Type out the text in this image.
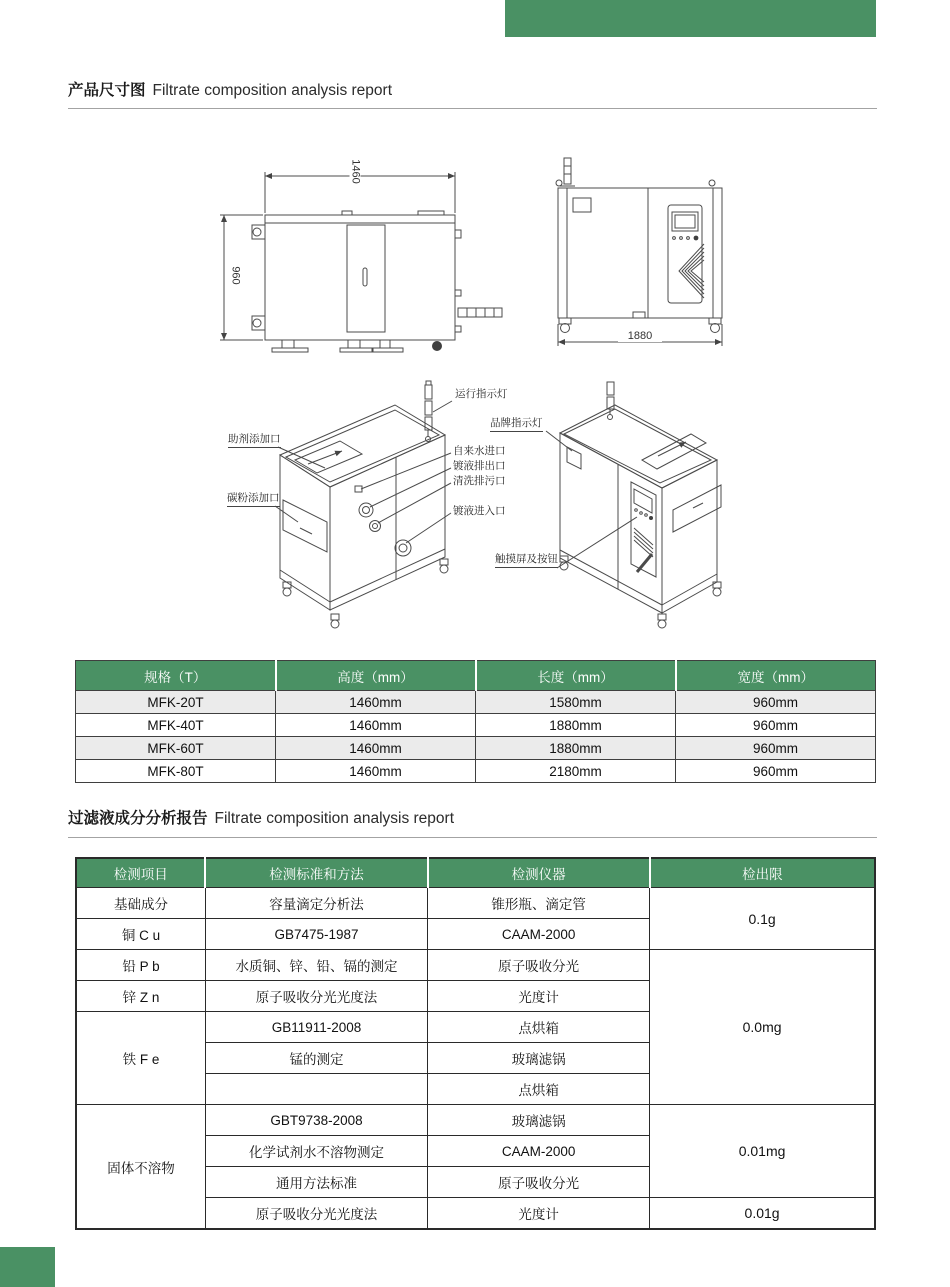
产品尺寸图 Filtrate composition analysis report
1460
960
1880
运行指示灯
品牌指示灯
助剂添加口
自来水进口
镀液排出口
清洗排污口
碳粉添加口
镀液进入口
触摸屏及按钮
规格（T）	高度（mm）	长度（mm）	宽度（mm）
MFK-20T	1460mm	1580mm	960mm
MFK-40T	1460mm	1880mm	960mm
MFK-60T	1460mm	1880mm	960mm
MFK-80T	1460mm	2180mm	960mm
过滤液成分分析报告 Filtrate composition analysis report
检测项目	检测标准和方法	检测仪器	检出限
基础成分	容量滴定分析法	锥形瓶、滴定管	0.1g
铜 C u	GB7475-1987	CAAM-2000	
铅 P b	水质铜、锌、铅、镉的测定	原子吸收分光	0.0mg
锌 Z n	原子吸收分光光度法	光度计	
铁 F e	GB11911-2008	点烘箱	
	锰的测定	玻璃滤锅	
		点烘箱	
固体不溶物	GBT9738-2008	玻璃滤锅	0.01mg
	化学试剂水不溶物测定	CAAM-2000	
	通用方法标准	原子吸收分光	
	原子吸收分光光度法	光度计	0.01g
